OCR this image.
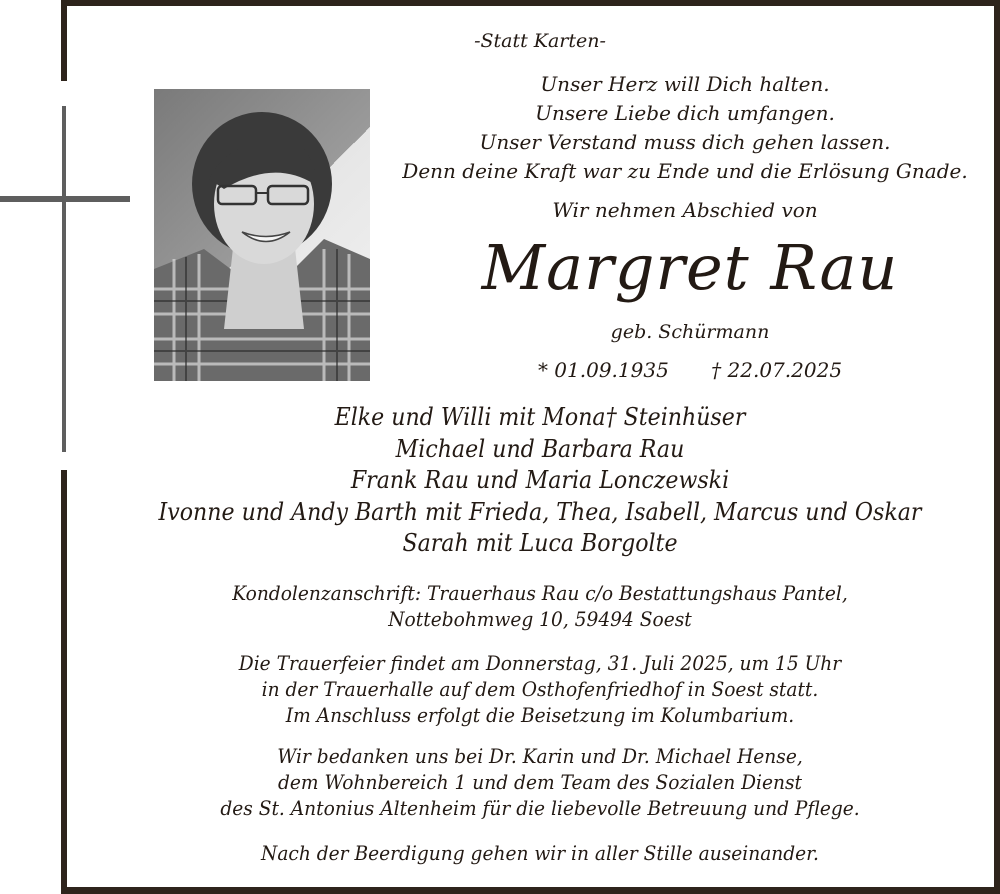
-Statt Karten-
Unser Herz will Dich halten.
Unsere Liebe dich umfangen.
Unser Verstand muss dich gehen lassen.
Denn deine Kraft war zu Ende und die Erlösung Gnade.
Wir nehmen Abschied von
Margret Rau
geb. Schürmann
* 01.09.1935 † 22.07.2025
Elke und Willi mit Mona† Steinhüser
Michael und Barbara Rau
Frank Rau und Maria Lonczewski
Ivonne und Andy Barth mit Frieda, Thea, Isabell, Marcus und Oskar
Sarah mit Luca Borgolte
Kondolenzanschrift: Trauerhaus Rau c/o Bestattungshaus Pantel,
Nottebohmweg 10, 59494 Soest
Die Trauerfeier findet am Donnerstag, 31. Juli 2025, um 15 Uhr
in der Trauerhalle auf dem Osthofenfriedhof in Soest statt.
Im Anschluss erfolgt die Beisetzung im Kolumbarium.
Wir bedanken uns bei Dr. Karin und Dr. Michael Hense,
dem Wohnbereich 1 und dem Team des Sozialen Dienst
des St. Antonius Altenheim für die liebevolle Betreuung und Pflege.
Nach der Beerdigung gehen wir in aller Stille auseinander.
